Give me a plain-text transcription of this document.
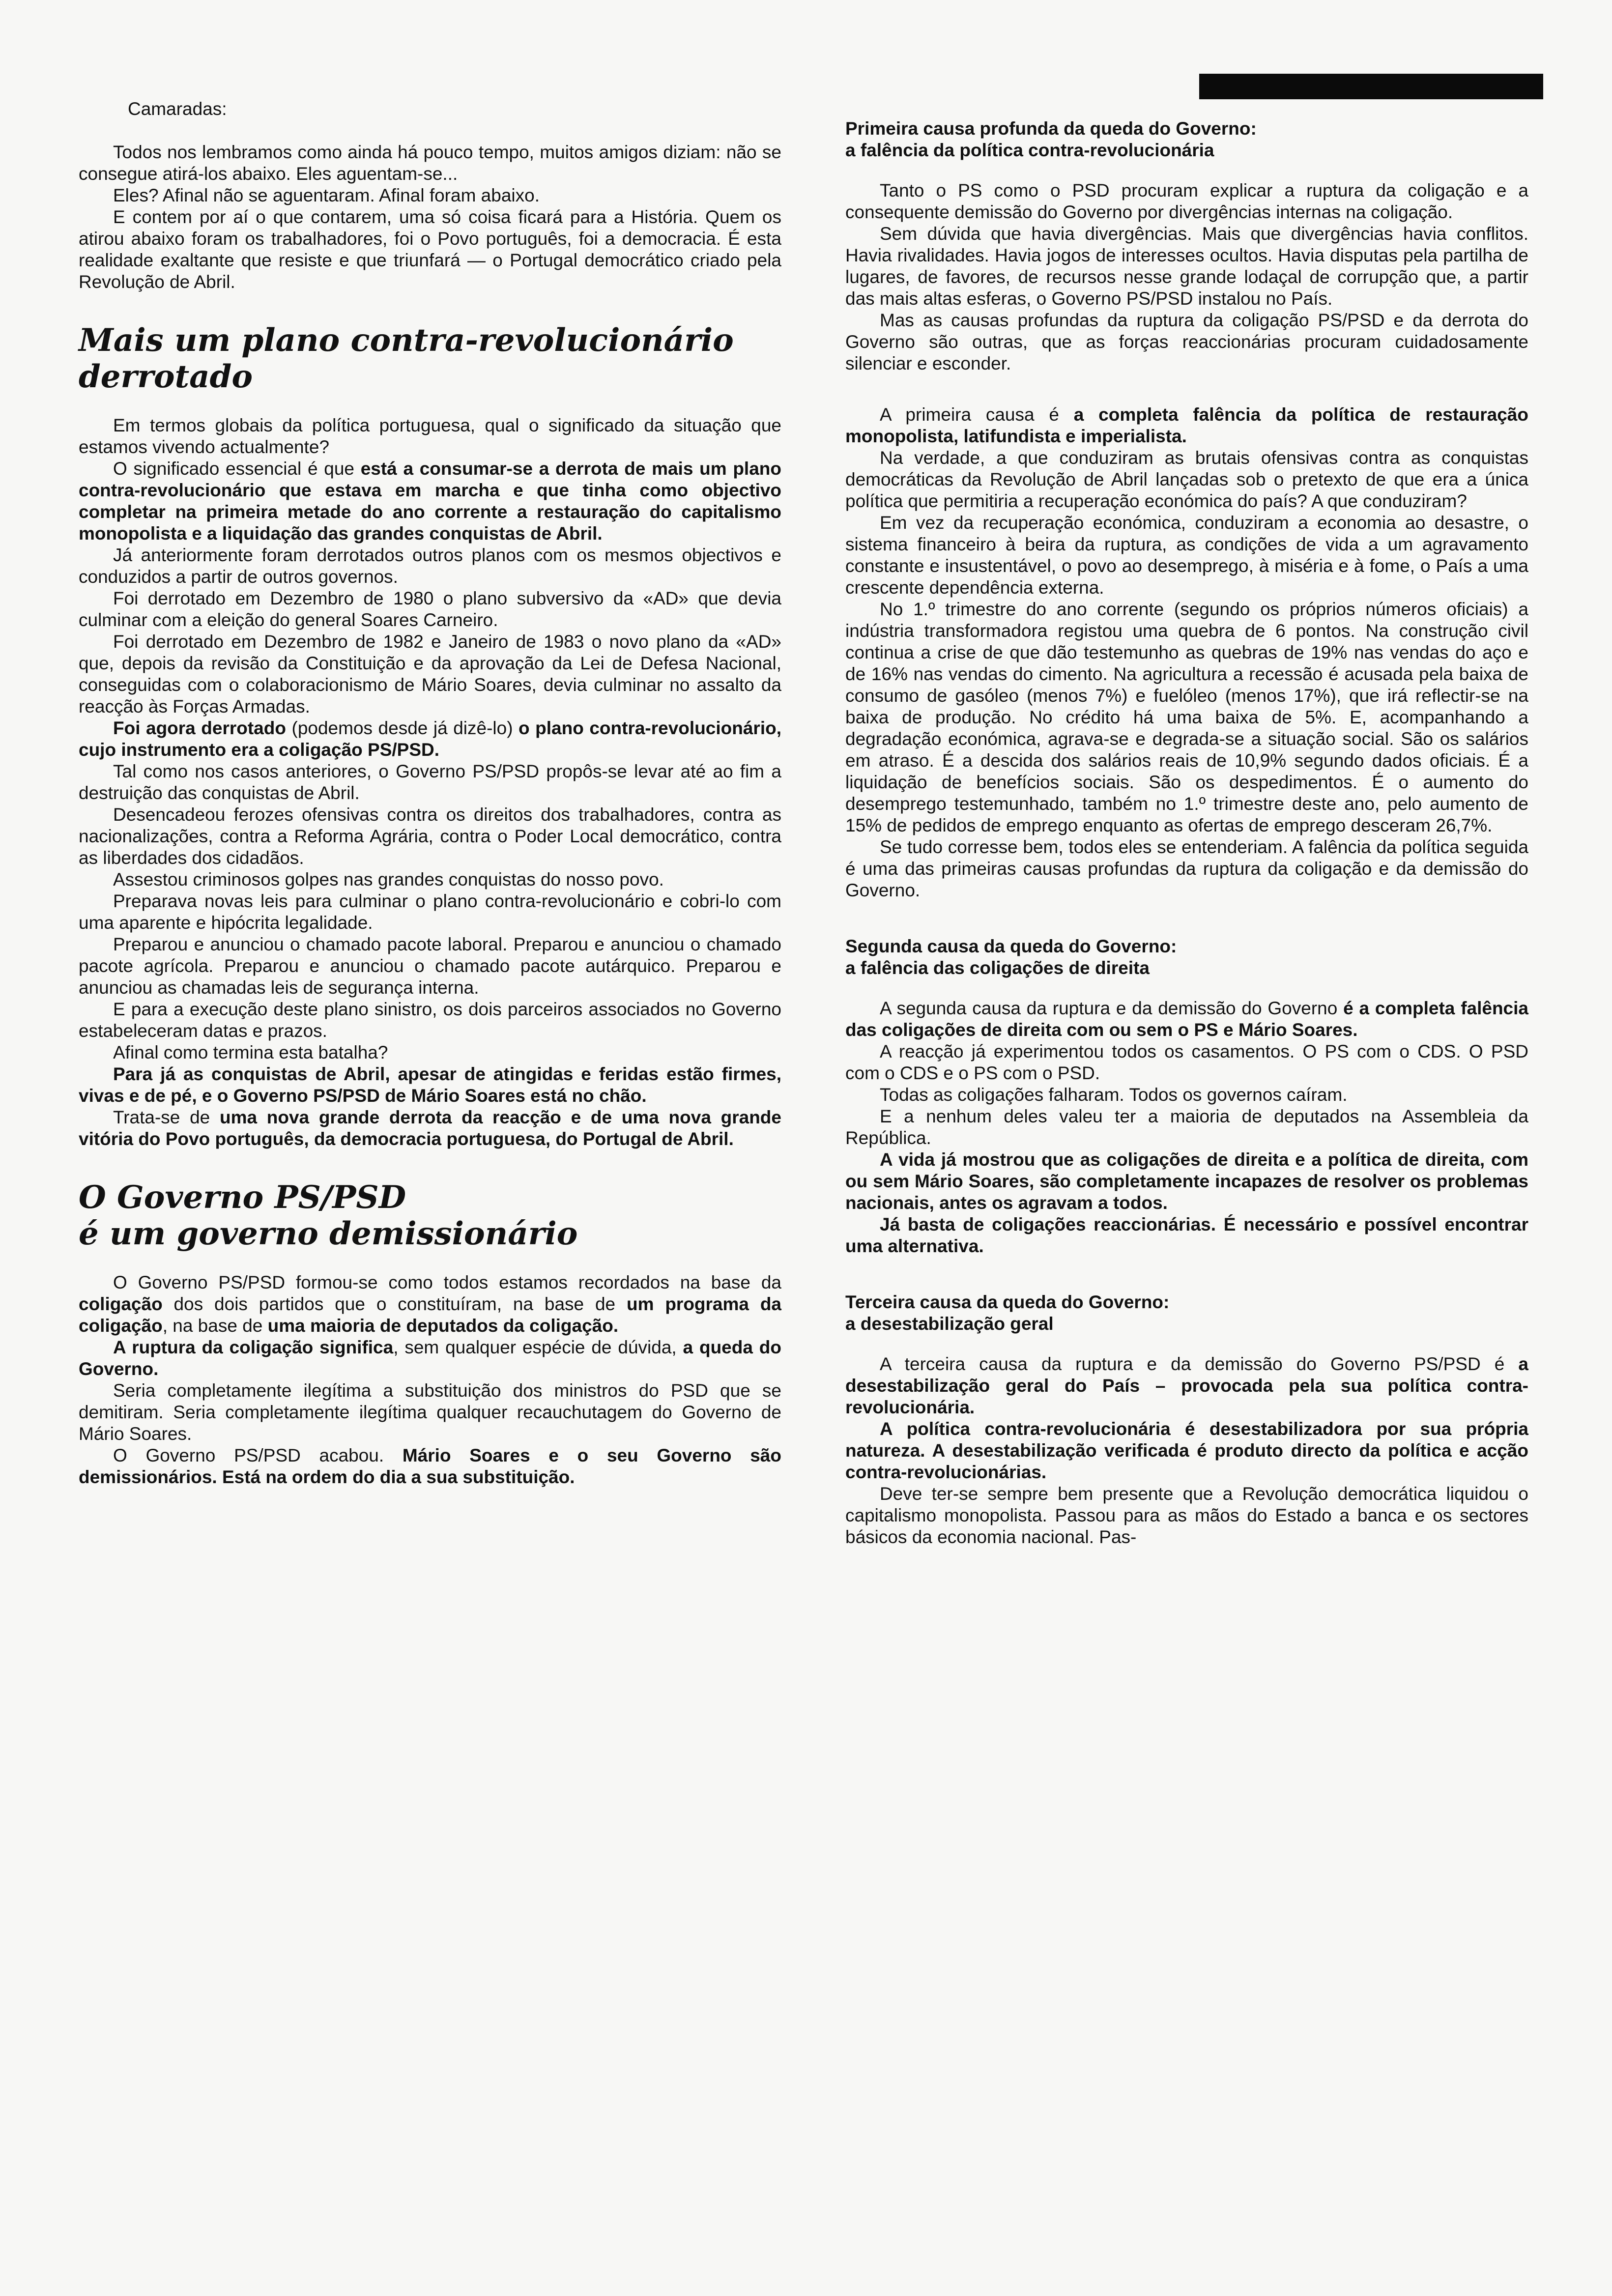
Camaradas:

Todos nos lembramos como ainda há pouco tempo, muitos amigos diziam: não se consegue atirá-los abaixo. Eles aguentam-se...

Eles? Afinal não se aguentaram. Afinal foram abaixo.

E contem por aí o que contarem, uma só coisa ficará para a História. Quem os atirou abaixo foram os trabalhadores, foi o Povo português, foi a democracia. É esta realidade exaltante que resiste e que triunfará — o Portugal democrático criado pela Revolução de Abril.

Mais um plano contra-revolucionário derrotado

Em termos globais da política portuguesa, qual o significado da situação que estamos vivendo actualmente?

O significado essencial é que está a consumar-se a derrota de mais um plano contra-revolucionário que estava em marcha e que tinha como objectivo completar na primeira metade do ano corrente a restauração do capitalismo monopolista e a liquidação das grandes conquistas de Abril.

Já anteriormente foram derrotados outros planos com os mesmos objectivos e conduzidos a partir de outros governos.

Foi derrotado em Dezembro de 1980 o plano subversivo da «AD» que devia culminar com a eleição do general Soares Carneiro.

Foi derrotado em Dezembro de 1982 e Janeiro de 1983 o novo plano da «AD» que, depois da revisão da Constituição e da aprovação da Lei de Defesa Nacional, conseguidas com o colaboracionismo de Mário Soares, devia culminar no assalto da reacção às Forças Armadas.

Foi agora derrotado (podemos desde já dizê-lo) o plano contra-revolucionário, cujo instrumento era a coligação PS/PSD.

Tal como nos casos anteriores, o Governo PS/PSD propôs-se levar até ao fim a destruição das conquistas de Abril.

Desencadeou ferozes ofensivas contra os direitos dos trabalhadores, contra as nacionalizações, contra a Reforma Agrária, contra o Poder Local democrático, contra as liberdades dos cidadãos.

Assestou criminosos golpes nas grandes conquistas do nosso povo.

Preparava novas leis para culminar o plano contra-revolucionário e cobri-lo com uma aparente e hipócrita legalidade.

Preparou e anunciou o chamado pacote laboral. Preparou e anunciou o chamado pacote agrícola. Preparou e anunciou o chamado pacote autárquico. Preparou e anunciou as chamadas leis de segurança interna.

E para a execução deste plano sinistro, os dois parceiros associados no Governo estabeleceram datas e prazos.

Afinal como termina esta batalha?

Para já as conquistas de Abril, apesar de atingidas e feridas estão firmes, vivas e de pé, e o Governo PS/PSD de Mário Soares está no chão.

Trata-se de uma nova grande derrota da reacção e de uma nova grande vitória do Povo português, da democracia portuguesa, do Portugal de Abril.

O Governo PS/PSD
é um governo demissionário

O Governo PS/PSD formou-se como todos estamos recordados na base da coligação dos dois partidos que o constituíram, na base de um programa da coligação, na base de uma maioria de deputados da coligação.

A ruptura da coligação significa, sem qualquer espécie de dúvida, a queda do Governo.

Seria completamente ilegítima a substituição dos ministros do PSD que se demitiram. Seria completamente ilegítima qualquer recauchutagem do Governo de Mário Soares.

O Governo PS/PSD acabou. Mário Soares e o seu Governo são demissionários. Está na ordem do dia a sua substituição.

Primeira causa profunda da queda do Governo:
a falência da política contra-revolucionária

Tanto o PS como o PSD procuram explicar a ruptura da coligação e a consequente demissão do Governo por divergências internas na coligação.

Sem dúvida que havia divergências. Mais que divergências havia conflitos. Havia rivalidades. Havia jogos de interesses ocultos. Havia disputas pela partilha de lugares, de favores, de recursos nesse grande lodaçal de corrupção que, a partir das mais altas esferas, o Governo PS/PSD instalou no País.

Mas as causas profundas da ruptura da coligação PS/PSD e da derrota do Governo são outras, que as forças reaccionárias procuram cuidadosamente silenciar e esconder.

A primeira causa é a completa falência da política de restauração monopolista, latifundista e imperialista.

Na verdade, a que conduziram as brutais ofensivas contra as conquistas democráticas da Revolução de Abril lançadas sob o pretexto de que era a única política que permitiria a recuperação económica do país? A que conduziram?

Em vez da recuperação económica, conduziram a economia ao desastre, o sistema financeiro à beira da ruptura, as condições de vida a um agravamento constante e insustentável, o povo ao desemprego, à miséria e à fome, o País a uma crescente dependência externa.

No 1.º trimestre do ano corrente (segundo os próprios números oficiais) a indústria transformadora registou uma quebra de 6 pontos. Na construção civil continua a crise de que dão testemunho as quebras de 19% nas vendas do aço e de 16% nas vendas do cimento. Na agricultura a recessão é acusada pela baixa de consumo de gasóleo (menos 7%) e fuelóleo (menos 17%), que irá reflectir-se na baixa de produção. No crédito há uma baixa de 5%. E, acompanhando a degradação económica, agrava-se e degrada-se a situação social. São os salários em atraso. É a descida dos salários reais de 10,9% segundo dados oficiais. É a liquidação de benefícios sociais. São os despedimentos. É o aumento do desemprego testemunhado, também no 1.º trimestre deste ano, pelo aumento de 15% de pedidos de emprego enquanto as ofertas de emprego desceram 26,7%.

Se tudo corresse bem, todos eles se entenderiam. A falência da política seguida é uma das primeiras causas profundas da ruptura da coligação e da demissão do Governo.

Segunda causa da queda do Governo:
a falência das coligações de direita

A segunda causa da ruptura e da demissão do Governo é a completa falência das coligações de direita com ou sem o PS e Mário Soares.

A reacção já experimentou todos os casamentos. O PS com o CDS. O PSD com o CDS e o PS com o PSD.

Todas as coligações falharam. Todos os governos caíram.

E a nenhum deles valeu ter a maioria de deputados na Assembleia da República.

A vida já mostrou que as coligações de direita e a política de direita, com ou sem Mário Soares, são completamente incapazes de resolver os problemas nacionais, antes os agravam a todos.

Já basta de coligações reaccionárias. É necessário e possível encontrar uma alternativa.

Terceira causa da queda do Governo:
a desestabilização geral

A terceira causa da ruptura e da demissão do Governo PS/PSD é a desestabilização geral do País – provocada pela sua política contra-revolucionária.

A política contra-revolucionária é desestabilizadora por sua própria natureza. A desestabilização verificada é produto directo da política e acção contra-revolucionárias.

Deve ter-se sempre bem presente que a Revolução democrática liquidou o capitalismo monopolista. Passou para as mãos do Estado a banca e os sectores básicos da economia nacional. Pas-
